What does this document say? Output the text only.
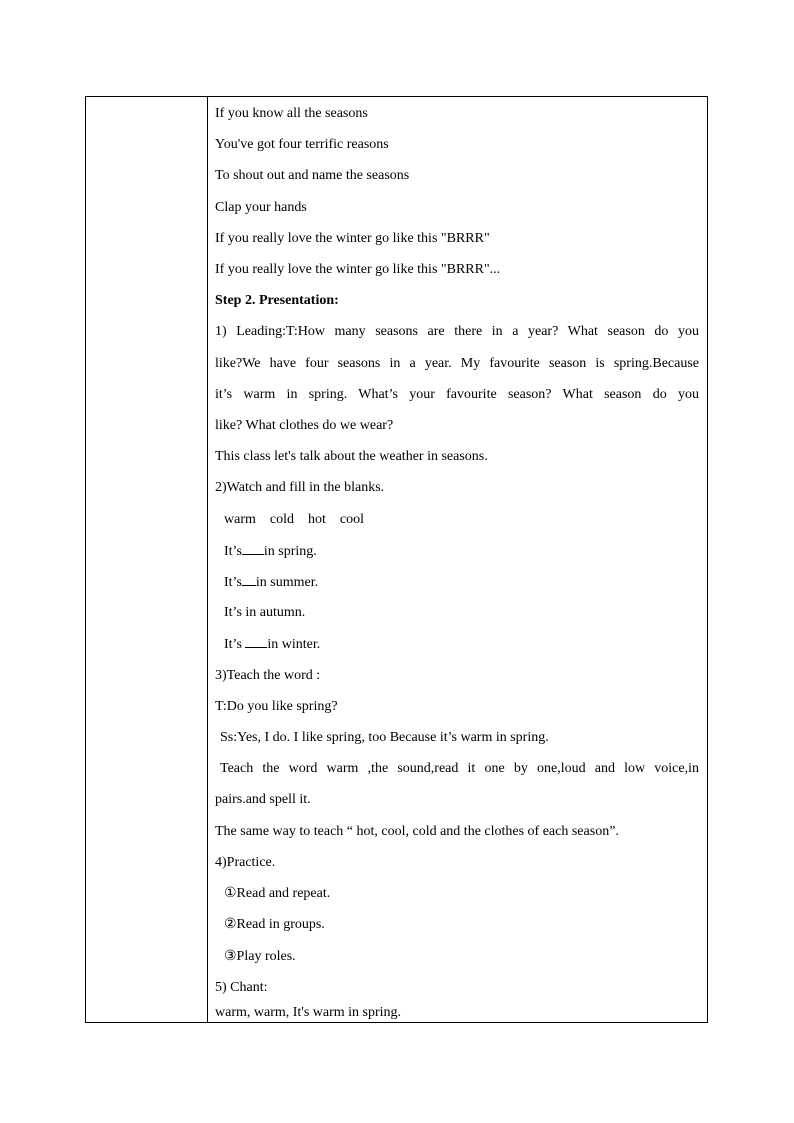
If you know all the seasons
You've got four terrific reasons
To shout out and name the seasons
Clap your hands
If you really love the winter go like this "BRRR"
If you really love the winter go like this "BRRR"...
Step 2. Presentation:
1) Leading:T:How many seasons are there in a year? What season do you
like?We have four seasons in a year. My favourite season is spring.Because
it’s warm in spring. What’s your favourite season? What season do you
like? What clothes do we wear?
This class let's talk about the weather in seasons.
2)Watch and fill in the blanks.
warm    cold    hot    cool
It’s in spring.
It’s in summer.
It’s in autumn.
It’s in winter.
3)Teach the word :
T:Do you like spring?
Ss:Yes, I do. I like spring, too Because it’s warm in spring.
Teach the word warm ,the sound,read it one by one,loud and low voice,in
pairs.and spell it.
The same way to teach “ hot, cool, cold and the clothes of each season”.
4)Practice.
①Read and repeat.
②Read in groups.
③Play roles.
5) Chant:
warm, warm, It's warm in spring.
